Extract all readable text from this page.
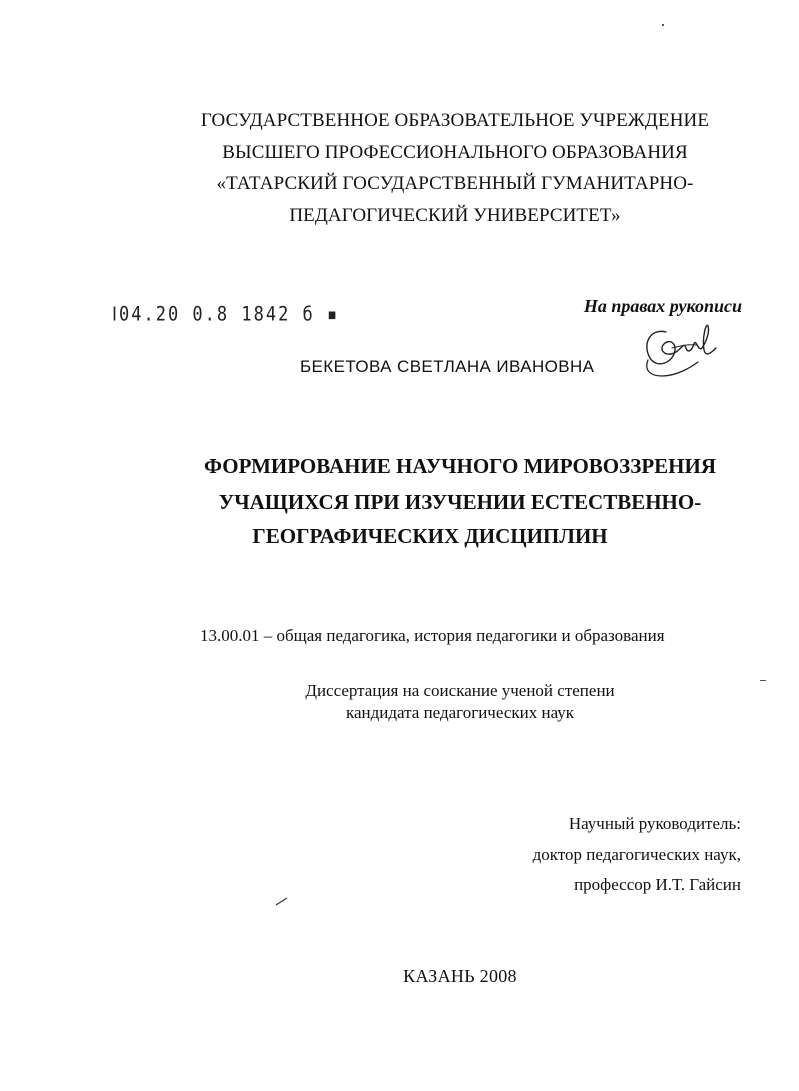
ГОСУДАРСТВЕННОЕ ОБРАЗОВАТЕЛЬНОЕ УЧРЕЖДЕНИЕ
ВЫСШЕГО ПРОФЕССИОНАЛЬНОГО ОБРАЗОВАНИЯ
«ТАТАРСКИЙ ГОСУДАРСТВЕННЫЙ ГУМАНИТАРНО-
ПЕДАГОГИЧЕСКИЙ УНИВЕРСИТЕТ»
Ⅰ04.20 0.8 1842 б ▪	На правах рукописи
БЕКЕТОВА СВЕТЛАНА ИВАНОВНА
ФОРМИРОВАНИЕ НАУЧНОГО МИРОВОЗЗРЕНИЯ
УЧАЩИХСЯ ПРИ ИЗУЧЕНИИ ЕСТЕСТВЕННО-
ГЕОГРАФИЧЕСКИХ ДИСЦИПЛИН
13.00.01 – общая педагогика, история педагогики и образования
Диссертация на соискание ученой степени
кандидата педагогических наук
Научный руководитель:
доктор педагогических наук,
профессор И.Т. Гайсин
КАЗАНЬ 2008
